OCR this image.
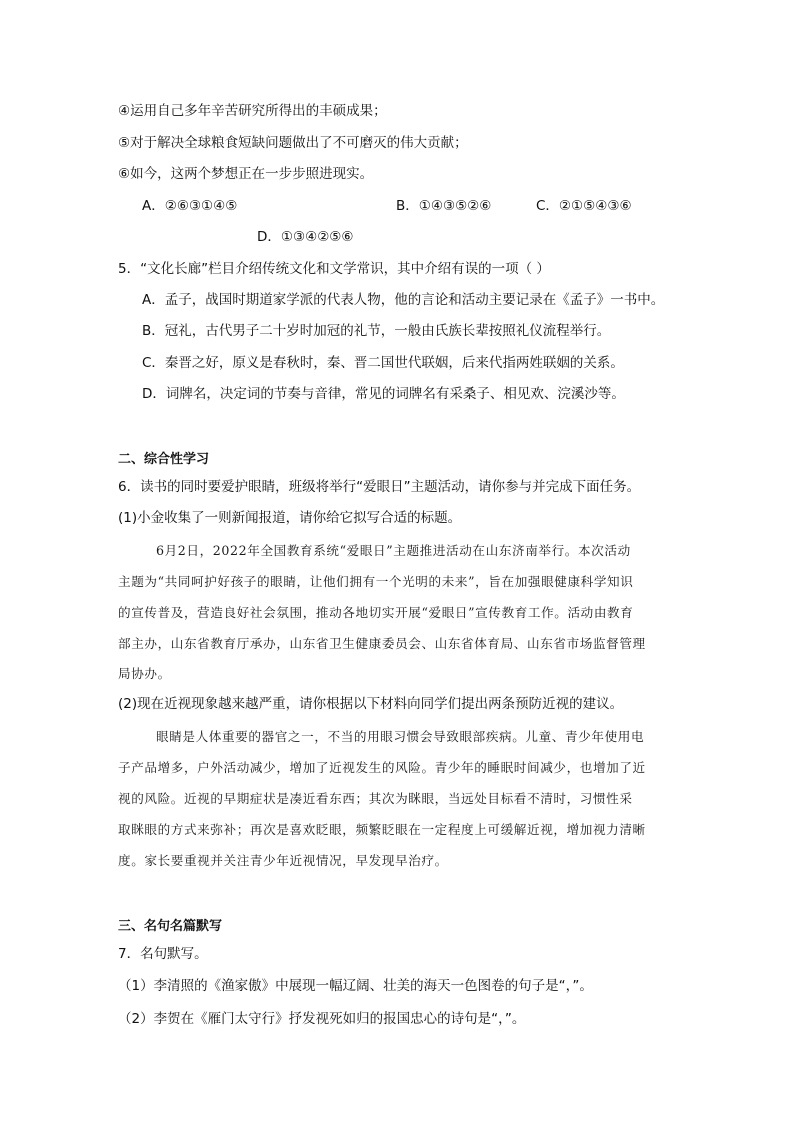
④运用自己多年辛苦研究所得出的丰硕成果；
⑤对于解决全球粮食短缺问题做出了不可磨灭的伟大贡献；
⑥如今，这两个梦想正在一步步照进现实。
A．②⑥③①④⑤	B．①④③⑤②⑥	C．②①⑤④③⑥
D．①③④②⑤⑥
5．“文化长廊”栏目介绍传统文化和文学常识，其中介绍有误的一项（ ）
A．孟子，战国时期道家学派的代表人物，他的言论和活动主要记录在《孟子》一书中。
B．冠礼，古代男子二十岁时加冠的礼节，一般由氏族长辈按照礼仪流程举行。
C．秦晋之好，原义是春秋时，秦、晋二国世代联姻，后来代指两姓联姻的关系。
D．词牌名，决定词的节奏与音律，常见的词牌名有采桑子、相见欢、浣溪沙等。
二、综合性学习
6．读书的同时要爱护眼睛，班级将举行“爱眼日”主题活动，请你参与并完成下面任务。
(1)小金收集了一则新闻报道，请你给它拟写合适的标题。
6月2日，2022年全国教育系统“爱眼日”主题推进活动在山东济南举行。本次活动
主题为“共同呵护好孩子的眼睛，让他们拥有一个光明的未来”，旨在加强眼健康科学知识
的宣传普及，营造良好社会氛围，推动各地切实开展“爱眼日”宣传教育工作。活动由教育
部主办，山东省教育厅承办，山东省卫生健康委员会、山东省体育局、山东省市场监督管理
局协办。
(2)现在近视现象越来越严重，请你根据以下材料向同学们提出两条预防近视的建议。
眼睛是人体重要的器官之一，不当的用眼习惯会导致眼部疾病。儿童、青少年使用电
子产品增多，户外活动减少，增加了近视发生的风险。青少年的睡眠时间减少，也增加了近
视的风险。近视的早期症状是凑近看东西；其次为眯眼，当远处目标看不清时，习惯性采
取眯眼的方式来弥补；再次是喜欢眨眼，频繁眨眼在一定程度上可缓解近视，增加视力清晰
度。家长要重视并关注青少年近视情况，早发现早治疗。
三、名句名篇默写
7．名句默写。
（1）李清照的《渔家傲》中展现一幅辽阔、壮美的海天一色图卷的句子是“，”。
（2）李贺在《雁门太守行》抒发视死如归的报国忠心的诗句是“，”。
